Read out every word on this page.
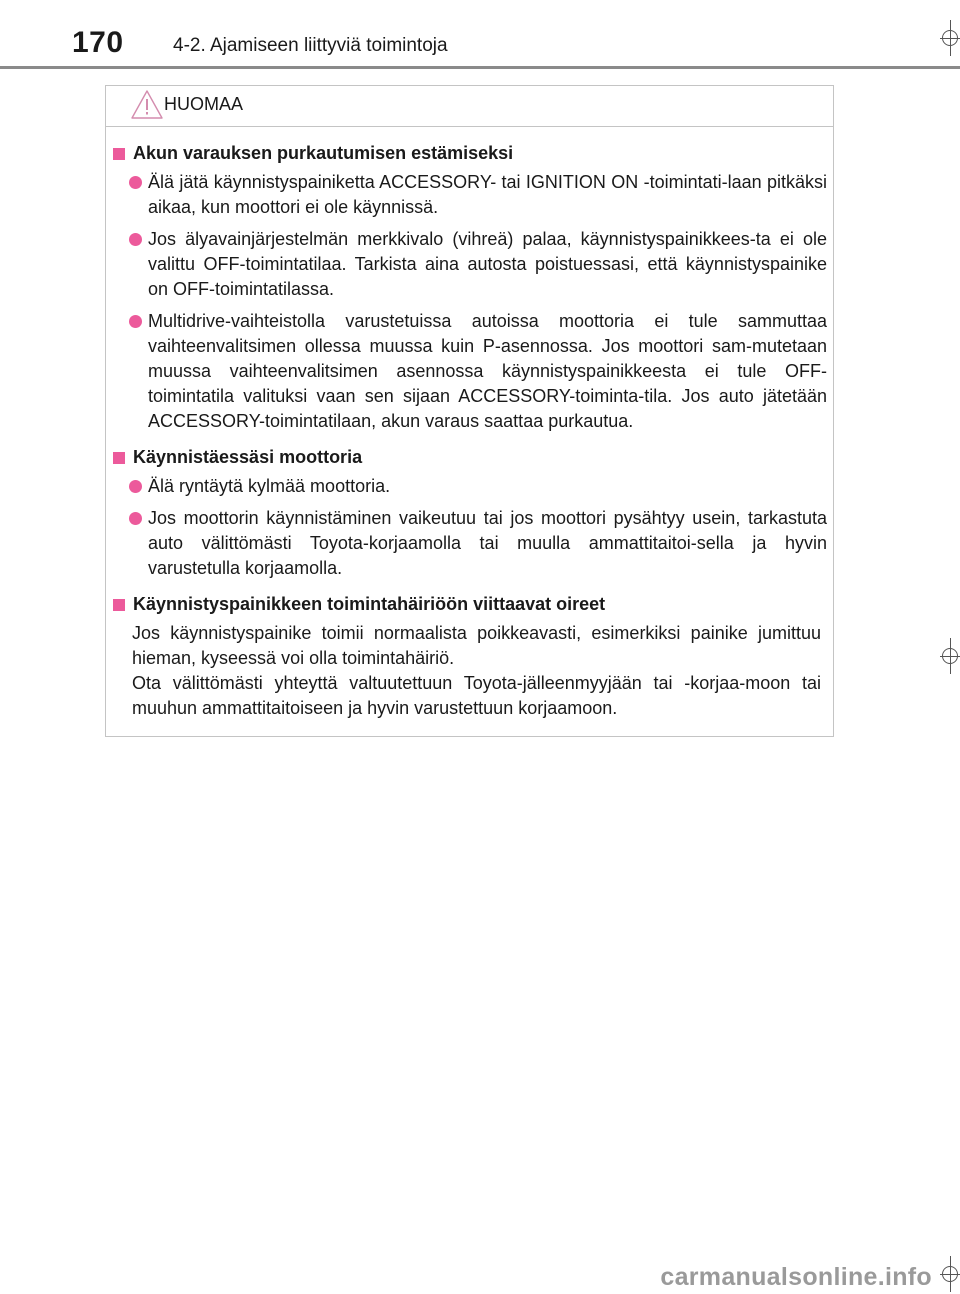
170	4-2. Ajamiseen liittyviä toimintoja
HUOMAA
Akun varauksen purkautumisen estämiseksi
Älä jätä käynnistyspainiketta ACCESSORY- tai IGNITION ON -toimintati-laan pitkäksi aikaa, kun moottori ei ole käynnissä.
Jos älyavainjärjestelmän merkkivalo (vihreä) palaa, käynnistyspainikkees-ta ei ole valittu OFF-toimintatilaa. Tarkista aina autosta poistuessasi, että käynnistyspainike on OFF-toimintatilassa.
Multidrive-vaihteistolla varustetuissa autoissa moottoria ei tule sammuttaa vaihteenvalitsimen ollessa muussa kuin P-asennossa. Jos moottori sam-mutetaan muussa vaihteenvalitsimen asennossa käynnistyspainikkeesta ei tule OFF-toimintatila valituksi vaan sen sijaan ACCESSORY-toiminta-tila. Jos auto jätetään ACCESSORY-toimintatilaan, akun varaus saattaa purkautua.
Käynnistäessäsi moottoria
Älä ryntäytä kylmää moottoria.
Jos moottorin käynnistäminen vaikeutuu tai jos moottori pysähtyy usein, tarkastuta auto välittömästi Toyota-korjaamolla tai muulla ammattitaitoi-sella ja hyvin varustetulla korjaamolla.
Käynnistyspainikkeen toimintahäiriöön viittaavat oireet
Jos käynnistyspainike toimii normaalista poikkeavasti, esimerkiksi painike jumittuu hieman, kyseessä voi olla toimintahäiriö.
Ota välittömästi yhteyttä valtuutettuun Toyota-jälleenmyyjään tai -korjaa-moon tai muuhun ammattitaitoiseen ja hyvin varustettuun korjaamoon.
carmanualsonline.info
